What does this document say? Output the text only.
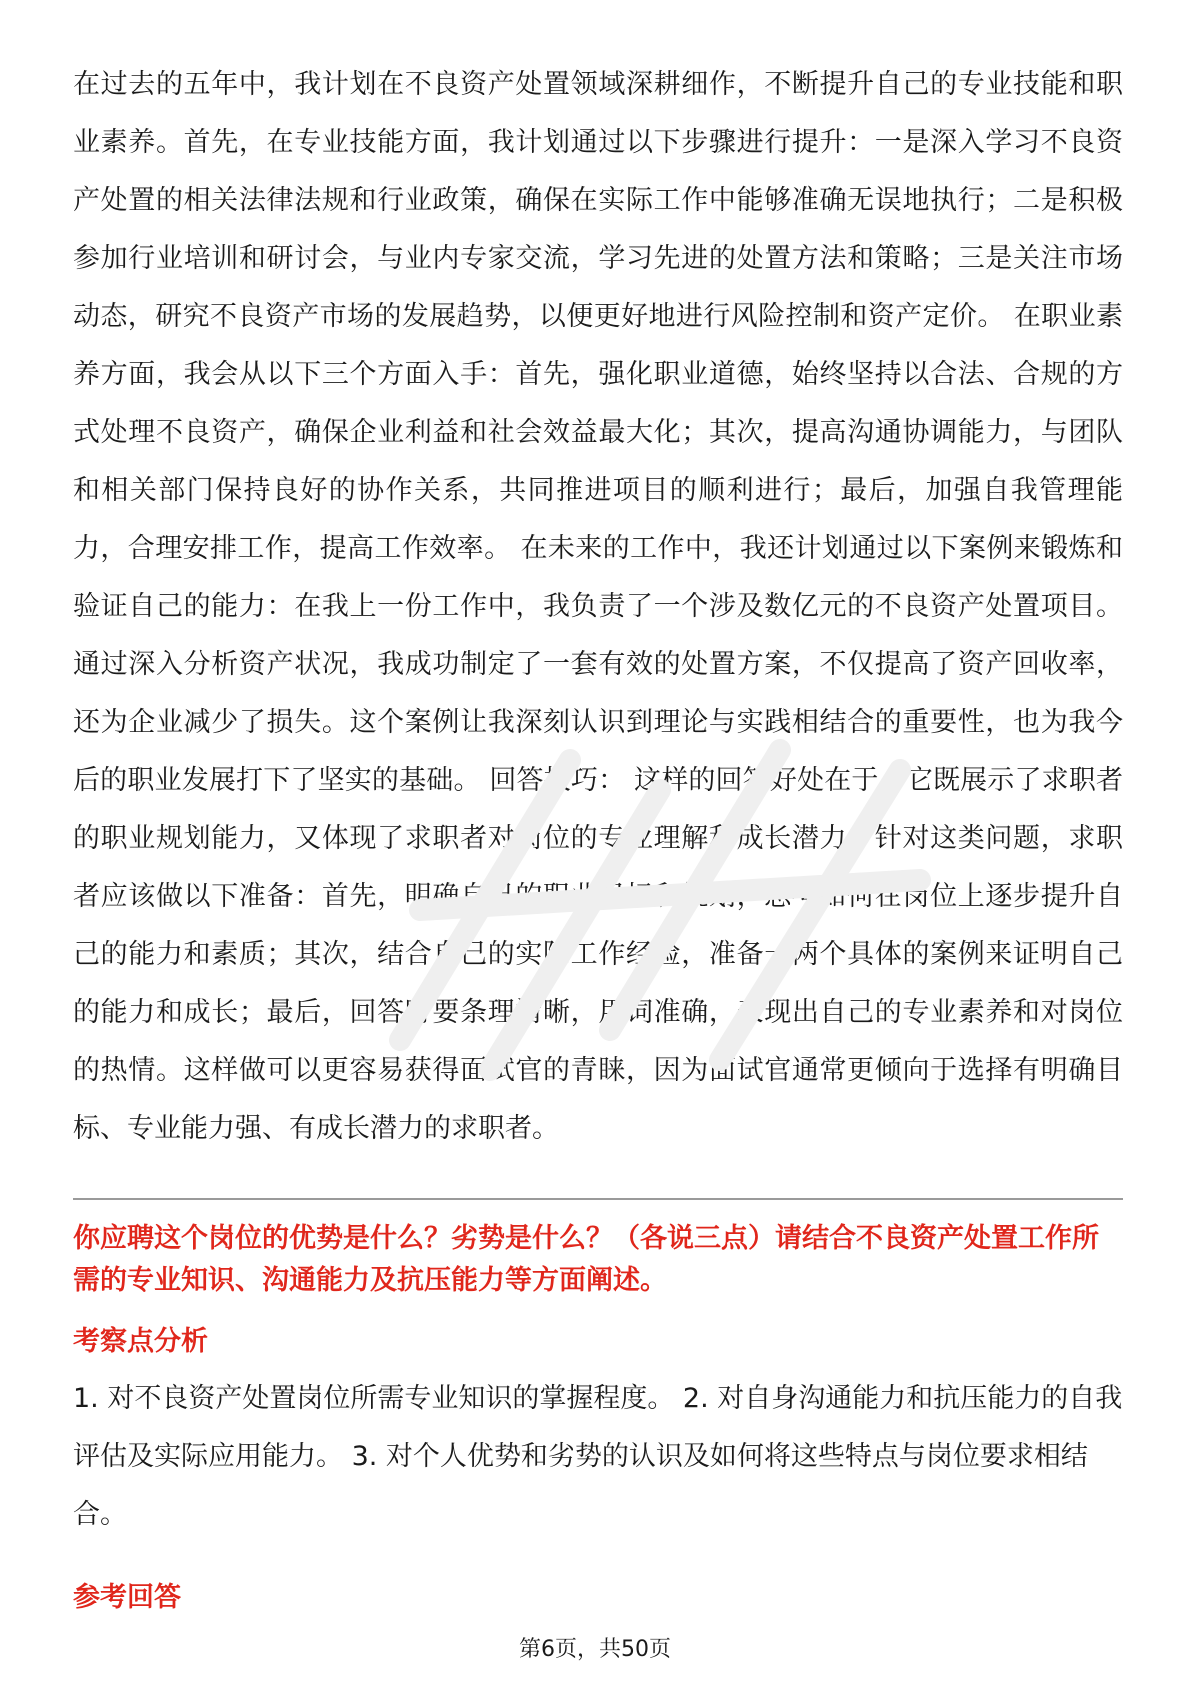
在过去的五年中，我计划在不良资产处置领域深耕细作，不断提升自己的专业技能和职业素养。首先，在专业技能方面，我计划通过以下步骤进行提升：一是深入学习不良资产处置的相关法律法规和行业政策，确保在实际工作中能够准确无误地执行；二是积极参加行业培训和研讨会，与业内专家交流，学习先进的处置方法和策略；三是关注市场动态，研究不良资产市场的发展趋势，以便更好地进行风险控制和资产定价。 在职业素养方面，我会从以下三个方面入手：首先，强化职业道德，始终坚持以合法、合规的方式处理不良资产，确保企业利益和社会效益最大化；其次，提高沟通协调能力，与团队和相关部门保持良好的协作关系，共同推进项目的顺利进行；最后，加强自我管理能力，合理安排工作，提高工作效率。 在未来的工作中，我还计划通过以下案例来锻炼和验证自己的能力：在我上一份工作中，我负责了一个涉及数亿元的不良资产处置项目。通过深入分析资产状况，我成功制定了一套有效的处置方案，不仅提高了资产回收率，还为企业减少了损失。这个案例让我深刻认识到理论与实践相结合的重要性，也为我今后的职业发展打下了坚实的基础。 回答技巧： 这样的回答好处在于，它既展示了求职者的职业规划能力，又体现了求职者对岗位的专业理解和成长潜力。针对这类问题，求职者应该做以下准备：首先，明确自己的职业目标和规划，思考如何在岗位上逐步提升自己的能力和素质；其次，结合自己的实际工作经验，准备一两个具体的案例来证明自己的能力和成长；最后，回答时要条理清晰，用词准确，表现出自己的专业素养和对岗位的热情。这样做可以更容易获得面试官的青睐，因为面试官通常更倾向于选择有明确目标、专业能力强、有成长潜力的求职者。

你应聘这个岗位的优势是什么？劣势是什么？（各说三点）请结合不良资产处置工作所需的专业知识、沟通能力及抗压能力等方面阐述。

考察点分析

1. 对不良资产处置岗位所需专业知识的掌握程度。 2. 对自身沟通能力和抗压能力的自我评估及实际应用能力。 3. 对个人优势和劣势的认识及如何将这些特点与岗位要求相结合。

参考回答
第6页，共50页
